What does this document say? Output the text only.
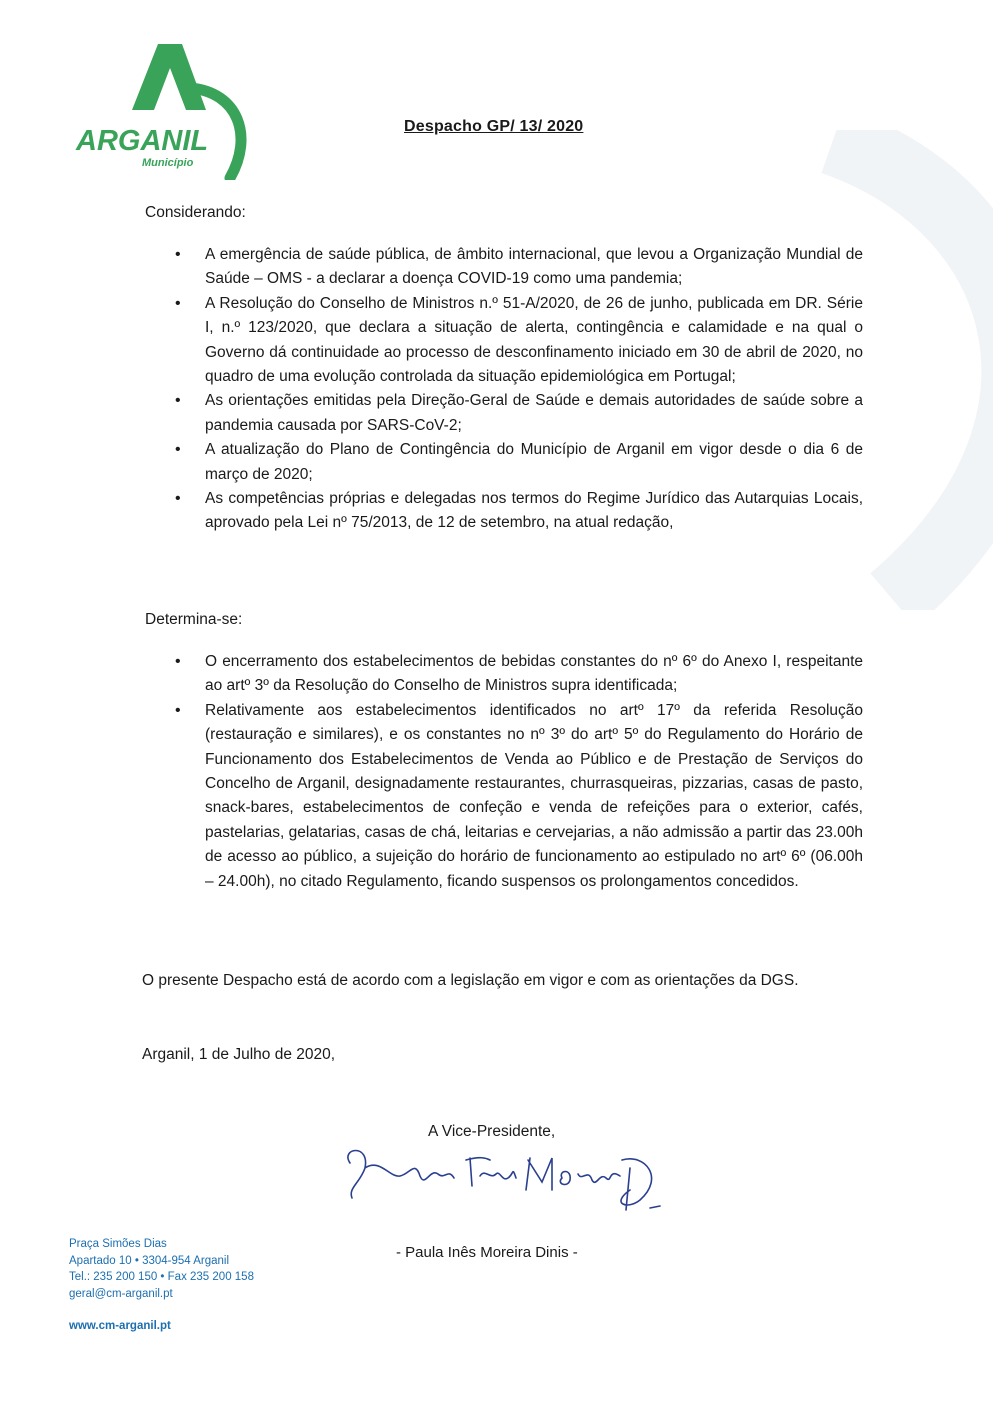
ARGANIL
Município
Despacho GP/ 13/ 2020
Considerando:
• A emergência de saúde pública, de âmbito internacional, que levou a Organização Mundial de Saúde – OMS - a declarar a doença COVID-19 como uma pandemia;
• A Resolução do Conselho de Ministros n.º 51-A/2020, de 26 de junho, publicada em DR. Série I, n.º 123/2020, que declara a situação de alerta, contingência e calamidade e na qual o Governo dá continuidade ao processo de desconfinamento iniciado em 30 de abril de 2020, no quadro de uma evolução controlada da situação epidemiológica em Portugal;
• As orientações emitidas pela Direção-Geral de Saúde e demais autoridades de saúde sobre a pandemia causada por SARS-CoV-2;
• A atualização do Plano de Contingência do Município de Arganil em vigor desde o dia 6 de março de 2020;
• As competências próprias e delegadas nos termos do Regime Jurídico das Autarquias Locais, aprovado pela Lei nº 75/2013, de 12 de setembro, na atual redação,
Determina-se:
• O encerramento dos estabelecimentos de bebidas constantes do nº 6º do Anexo I, respeitante ao artº 3º da Resolução do Conselho de Ministros supra identificada;
• Relativamente aos estabelecimentos identificados no artº 17º da referida Resolução (restauração e similares), e os constantes no nº 3º do artº 5º do Regulamento do Horário de Funcionamento dos Estabelecimentos de Venda ao Público e de Prestação de Serviços do Concelho de Arganil, designadamente restaurantes, churrasqueiras, pizzarias, casas de pasto, snack-bares, estabelecimentos de confeção e venda de refeições para o exterior, cafés, pastelarias, gelatarias, casas de chá, leitarias e cervejarias, a não admissão a partir das 23.00h de acesso ao público, a sujeição do horário de funcionamento ao estipulado no artº 6º (06.00h – 24.00h), no citado Regulamento, ficando suspensos os prolongamentos concedidos.
O presente Despacho está de acordo com a legislação em vigor e com as orientações da DGS.
Arganil, 1 de Julho de 2020,
A Vice-Presidente,
- Paula Inês Moreira Dinis -
Praça Simões Dias
Apartado 10 • 3304-954 Arganil
Tel.: 235 200 150 • Fax 235 200 158
geral@cm-arganil.pt
www.cm-arganil.pt
